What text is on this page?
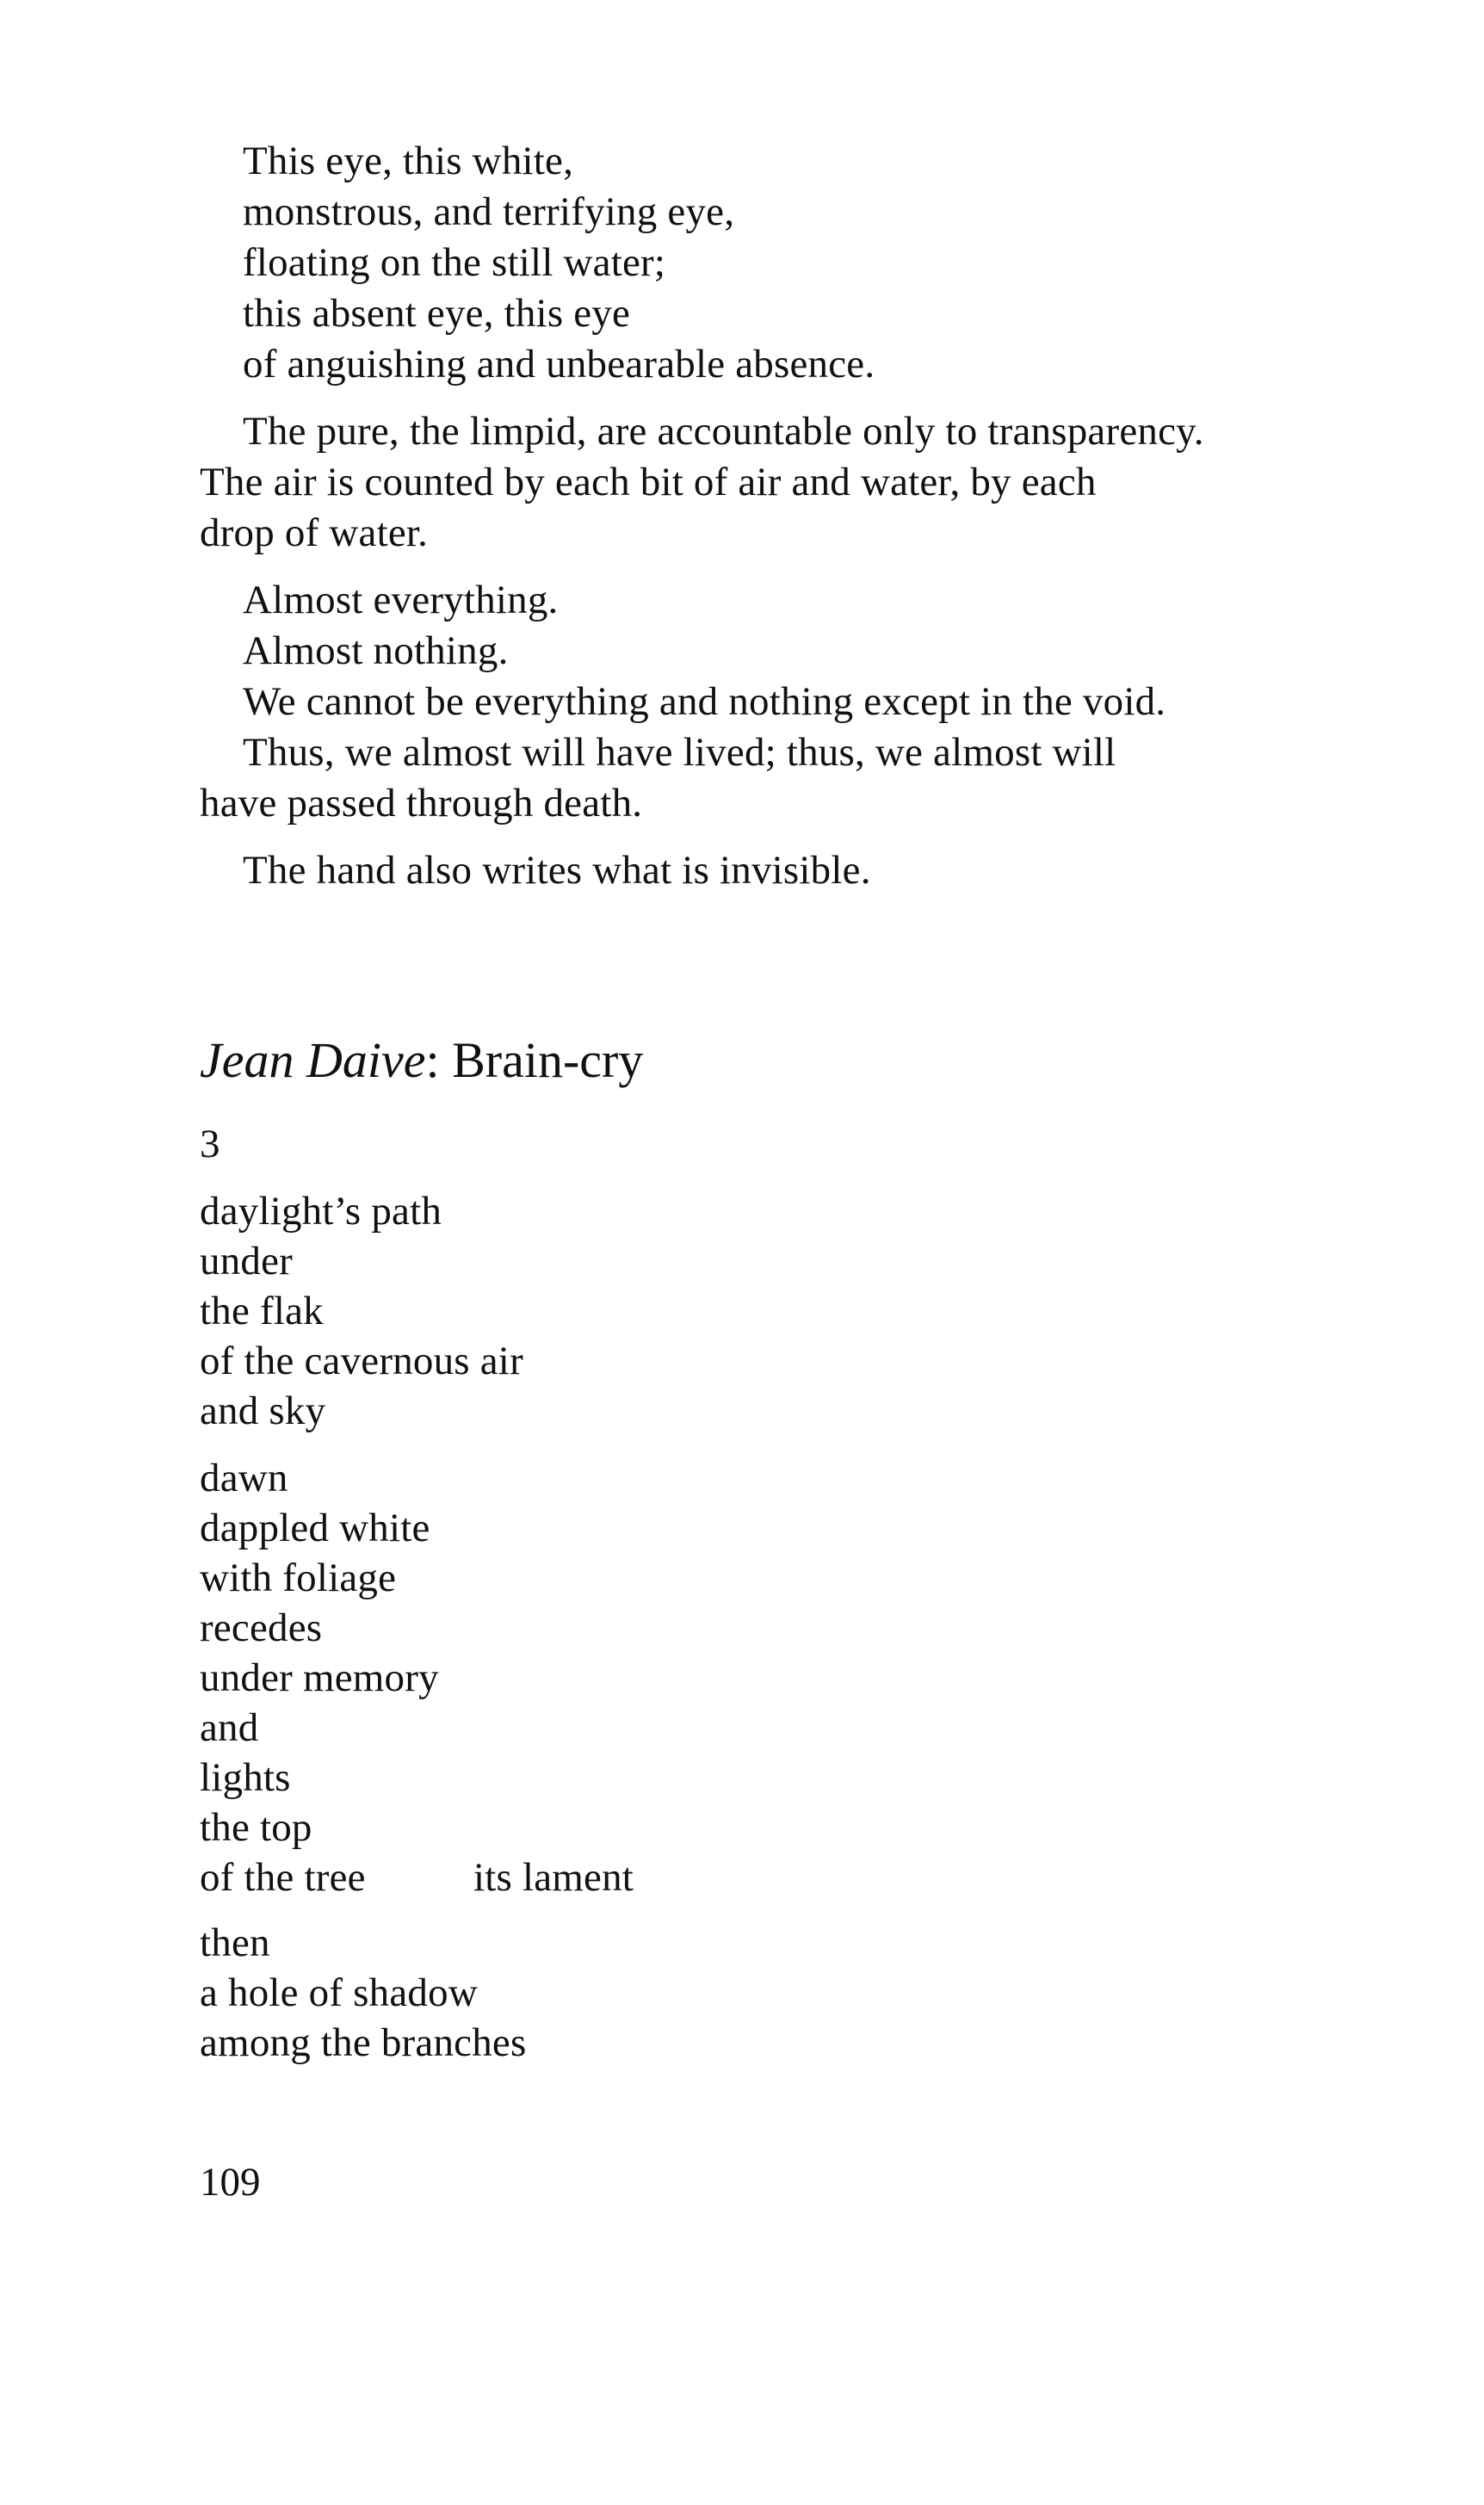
This eye, this white,
monstrous, and terrifying eye,
floating on the still water;
this absent eye, this eye
of anguishing and unbearable absence.
The pure, the limpid, are accountable only to transparency.
The air is counted by each bit of air and water, by each
drop of water.
Almost everything.
Almost nothing.
We cannot be everything and nothing except in the void.
Thus, we almost will have lived; thus, we almost will
have passed through death.
The hand also writes what is invisible.
Jean Daive: Brain-cry
3
daylight’s path
under
the flak
of the cavernous air
and sky
dawn
dappled white
with foliage
recedes
under memory
and
lights
the top
of the tree	its lament
then
a hole of shadow
among the branches
109
